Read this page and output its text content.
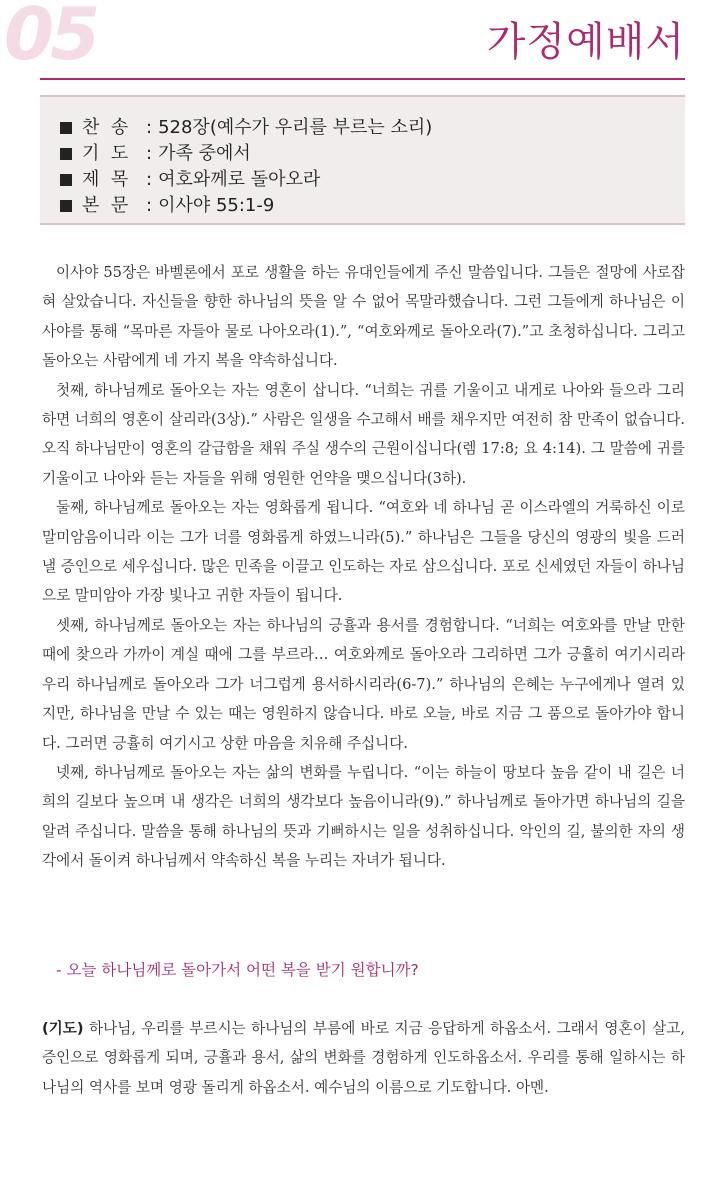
05	가정예배서
찬  송 : 528장(예수가 우리를 부르는 소리)
기  도 : 가족 중에서
제  목 : 여호와께로 돌아오라
본  문 : 이사야 55:1-9

이사야 55장은 바벨론에서 포로 생활을 하는 유대인들에게 주신 말씀입니다. 그들은 절망에 사로잡혀 살았습니다. 자신들을 향한 하나님의 뜻을 알 수 없어 목말라했습니다. 그런 그들에게 하나님은 이사야를 통해 “목마른 자들아 물로 나아오라(1).”, “여호와께로 돌아오라(7).”고 초청하십니다. 그리고 돌아오는 사람에게 네 가지 복을 약속하십니다.

첫째, 하나님께로 돌아오는 자는 영혼이 삽니다. “너희는 귀를 기울이고 내게로 나아와 들으라 그리하면 너희의 영혼이 살리라(3상).” 사람은 일생을 수고해서 배를 채우지만 여전히 참 만족이 없습니다. 오직 하나님만이 영혼의 갈급함을 채워 주실 생수의 근원이십니다(렘 17:8; 요 4:14). 그 말씀에 귀를 기울이고 나아와 듣는 자들을 위해 영원한 언약을 맺으십니다(3하).

둘째, 하나님께로 돌아오는 자는 영화롭게 됩니다. “여호와 네 하나님 곧 이스라엘의 거룩하신 이로 말미암음이니라 이는 그가 너를 영화롭게 하였느니라(5).” 하나님은 그들을 당신의 영광의 빛을 드러낼 증인으로 세우십니다. 많은 민족을 이끌고 인도하는 자로 삼으십니다. 포로 신세였던 자들이 하나님으로 말미암아 가장 빛나고 귀한 자들이 됩니다.

셋째, 하나님께로 돌아오는 자는 하나님의 긍휼과 용서를 경험합니다. “너희는 여호와를 만날 만한 때에 찾으라 가까이 계실 때에 그를 부르라… 여호와께로 돌아오라 그리하면 그가 긍휼히 여기시리라 우리 하나님께로 돌아오라 그가 너그럽게 용서하시리라(6-7).” 하나님의 은혜는 누구에게나 열려 있지만, 하나님을 만날 수 있는 때는 영원하지 않습니다. 바로 오늘, 바로 지금 그 품으로 돌아가야 합니다. 그러면 긍휼히 여기시고 상한 마음을 치유해 주십니다.

넷째, 하나님께로 돌아오는 자는 삶의 변화를 누립니다. “이는 하늘이 땅보다 높음 같이 내 길은 너희의 길보다 높으며 내 생각은 너희의 생각보다 높음이니라(9).” 하나님께로 돌아가면 하나님의 길을 알려 주십니다. 말씀을 통해 하나님의 뜻과 기뻐하시는 일을 성취하십니다. 악인의 길, 불의한 자의 생각에서 돌이켜 하나님께서 약속하신 복을 누리는 자녀가 됩니다.

- 오늘 하나님께로 돌아가서 어떤 복을 받기 원합니까?
(기도) 하나님, 우리를 부르시는 하나님의 부름에 바로 지금 응답하게 하옵소서. 그래서 영혼이 살고, 증인으로 영화롭게 되며, 긍휼과 용서, 삶의 변화를 경험하게 인도하옵소서. 우리를 통해 일하시는 하나님의 역사를 보며 영광 돌리게 하옵소서. 예수님의 이름으로 기도합니다. 아멘.
